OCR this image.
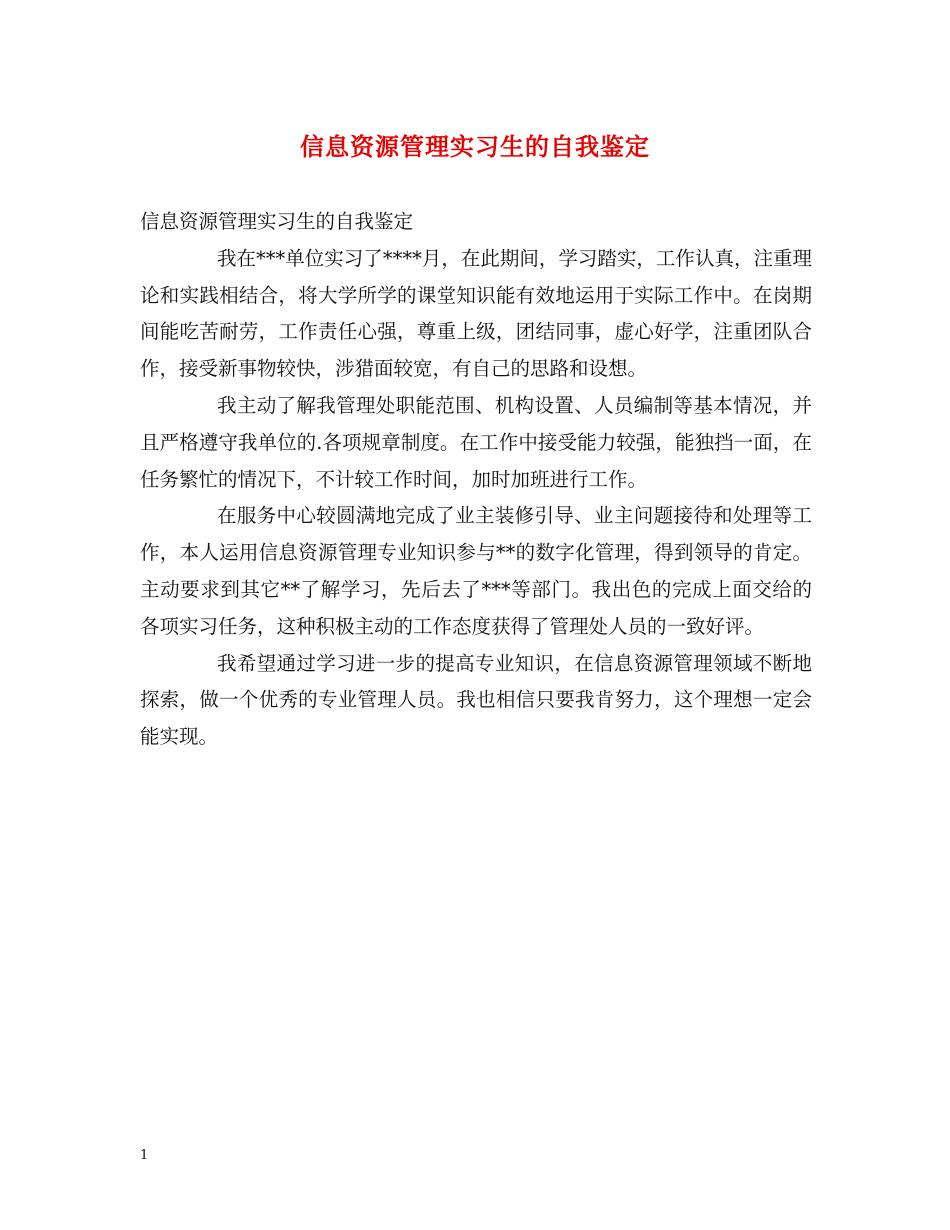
信息资源管理实习生的自我鉴定

信息资源管理实习生的自我鉴定

我在***单位实习了****月，在此期间，学习踏实，工作认真，注重理论和实践相结合，将大学所学的课堂知识能有效地运用于实际工作中。在岗期间能吃苦耐劳，工作责任心强，尊重上级，团结同事，虚心好学，注重团队合作，接受新事物较快，涉猎面较宽，有自己的思路和设想。

我主动了解我管理处职能范围、机构设置、人员编制等基本情况，并且严格遵守我单位的.各项规章制度。在工作中接受能力较强，能独挡一面，在任务繁忙的情况下，不计较工作时间，加时加班进行工作。

在服务中心较圆满地完成了业主装修引导、业主问题接待和处理等工作，本人运用信息资源管理专业知识参与**的数字化管理，得到领导的肯定。主动要求到其它**了解学习，先后去了***等部门。我出色的完成上面交给的各项实习任务，这种积极主动的工作态度获得了管理处人员的一致好评。

我希望通过学习进一步的提高专业知识，在信息资源管理领域不断地探索，做一个优秀的专业管理人员。我也相信只要我肯努力，这个理想一定会能实现。

1
